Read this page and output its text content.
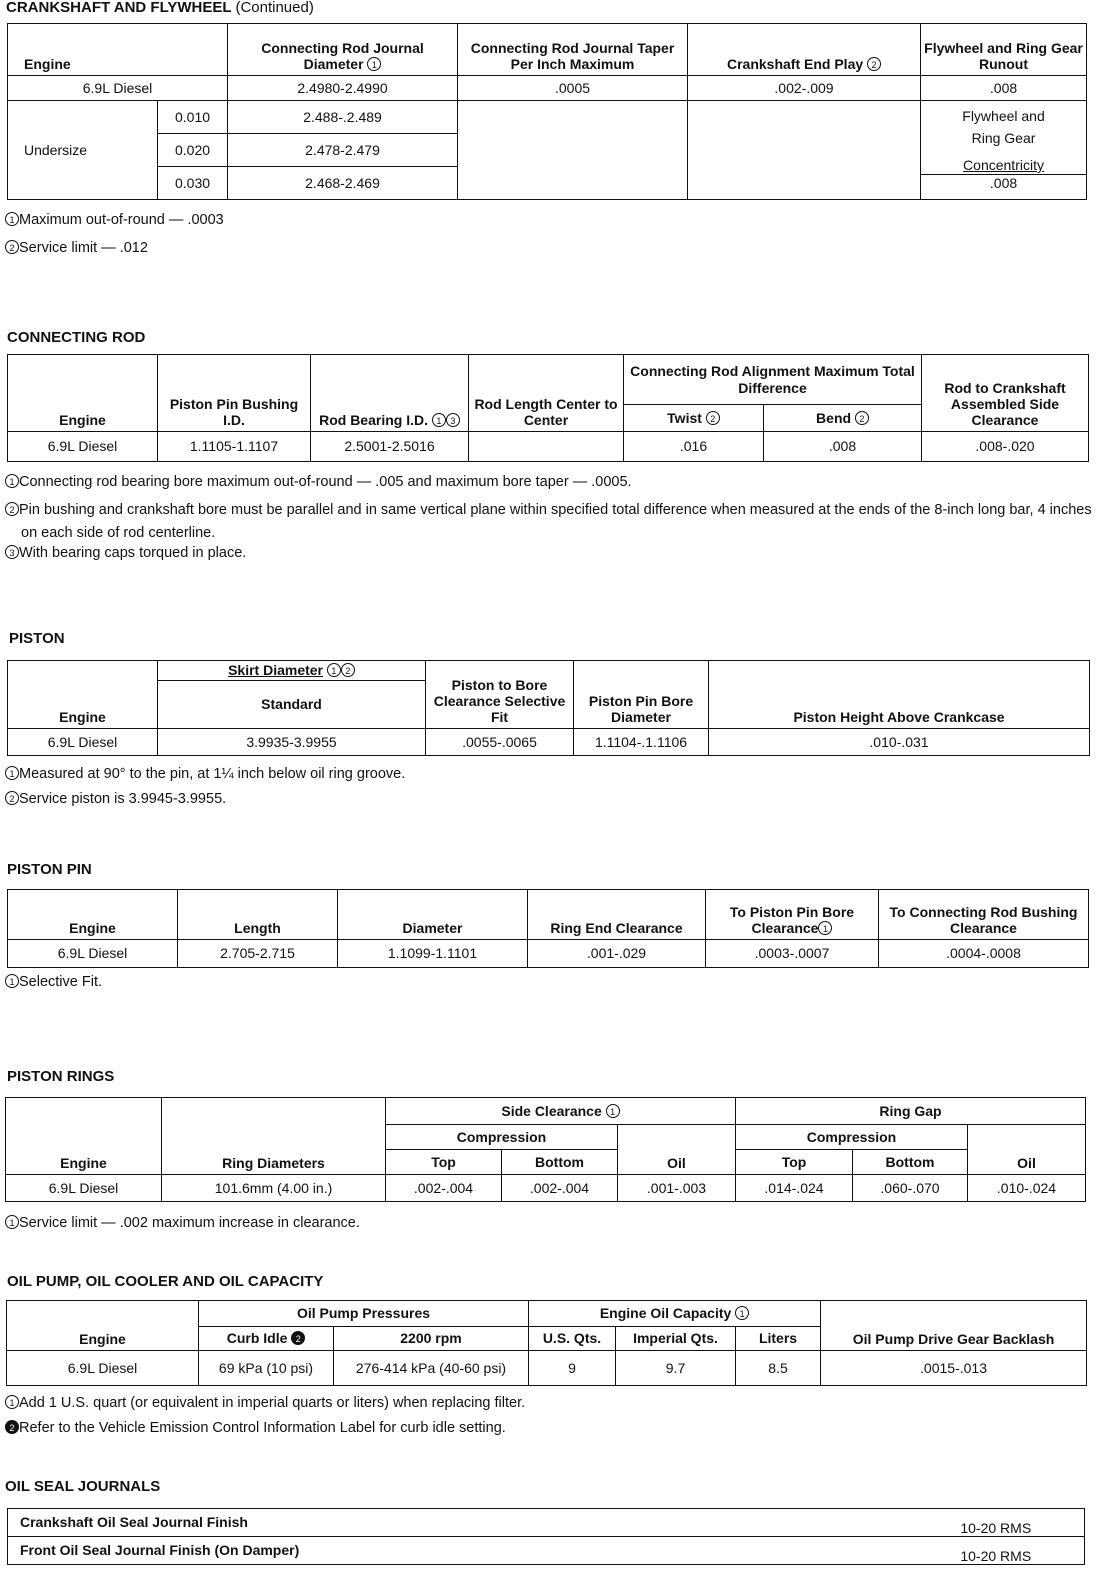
CRANKSHAFT AND FLYWHEEL (Continued)
Engine		Connecting Rod Journal Diameter 1	Connecting Rod Journal Taper Per Inch Maximum	Crankshaft End Play 2	Flywheel and Ring Gear Runout
6.9L Diesel		2.4980-2.4990	.0005	.002-.009	.008
Undersize	0.010	2.488-.2.489			Flywheel and
Ring Gear
Concentricity
.008

	0.020	2.478-2.479			
	0.030	2.468-2.469			
1 Maximum out-of-round — .0003
2 Service limit — .012
CONNECTING ROD
Engine	Piston Pin Bushing I.D.	Rod Bearing I.D. 1 3	Rod Length Center to Center	Connecting Rod Alignment Maximum Total Difference		Rod to Crankshaft Assembled Side Clearance
				Twist 2	Bend 2	
6.9L Diesel	1.1105-1.1107	2.5001-2.5016		.016	.008	.008-.020
1 Connecting rod bearing bore maximum out-of-round — .005 and maximum bore taper — .0005.
2 Pin bushing and crankshaft bore must be parallel and in same vertical plane within specified total difference when measured at the ends of the 8-inch long bar, 4 inches on each side of rod centerline.
3 With bearing caps torqued in place.
PISTON
Engine	Skirt Diameter 1 2	Piston to Bore Clearance Selective Fit	Piston Pin Bore Diameter	Piston Height Above Crankcase
	Standard			
6.9L Diesel	3.9935-3.9955	.0055-.0065	1.1104-.1.1106	.010-.031
1 Measured at 90° to the pin, at 1¼ inch below oil ring groove.
2 Service piston is 3.9945-3.9955.
PISTON PIN
Engine	Length	Diameter	Ring End Clearance	To Piston Pin Bore Clearance 1	To Connecting Rod Bushing Clearance
6.9L Diesel	2.705-2.715	1.1099-1.1101	.001-.029	.0003-.0007	.0004-.0008
1 Selective Fit.
PISTON RINGS
Engine	Ring Diameters	Side Clearance 1			Ring Gap		
		Compression		Oil	Compression		Oil
		Top	Bottom		Top	Bottom	
6.9L Diesel	101.6mm (4.00 in.)	.002-.004	.002-.004	.001-.003	.014-.024	.060-.070	.010-.024
1 Service limit — .002 maximum increase in clearance.
OIL PUMP, OIL COOLER AND OIL CAPACITY
Engine	Oil Pump Pressures		Engine Oil Capacity 1			Oil Pump Drive Gear Backlash
	Curb Idle 2	2200 rpm	U.S. Qts.	Imperial Qts.	Liters	
6.9L Diesel	69 kPa (10 psi)	276-414 kPa (40-60 psi)	9	9.7	8.5	.0015-.013
1 Add 1 U.S. quart (or equivalent in imperial quarts or liters) when replacing filter.
2 Refer to the Vehicle Emission Control Information Label for curb idle setting.
OIL SEAL JOURNALS
Crankshaft Oil Seal Journal Finish	10-20 RMS
Front Oil Seal Journal Finish (On Damper)	10-20 RMS
